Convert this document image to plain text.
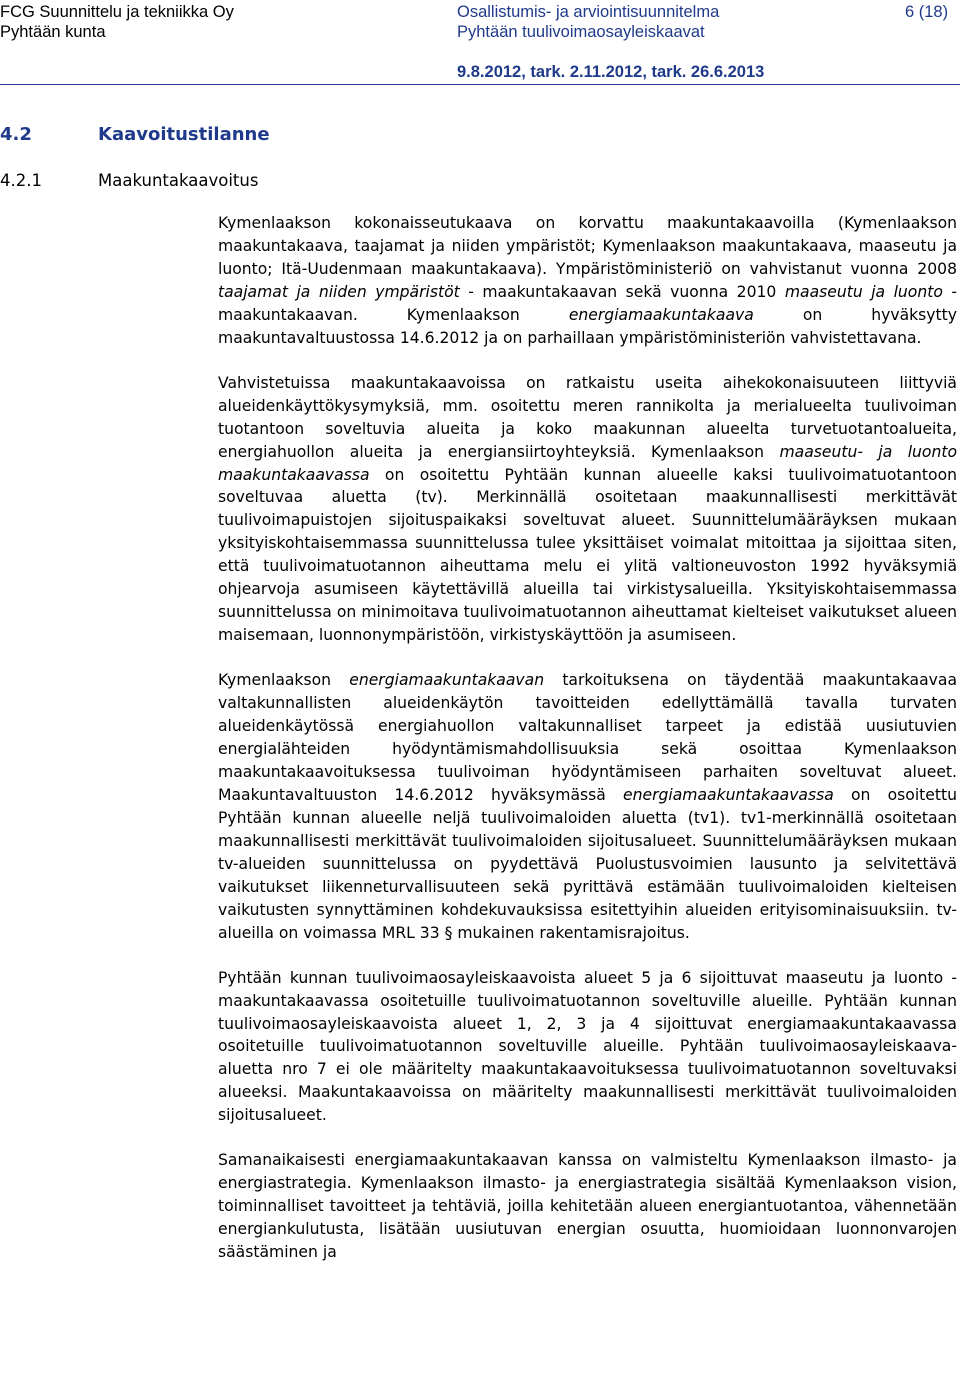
FCG Suunnittelu ja tekniikka Oy
Pyhtään kunta
Osallistumis- ja arviointisuunnitelma
Pyhtään tuulivoimaosayleiskaavat
6 (18)
9.8.2012, tark. 2.11.2012, tark. 26.6.2013
4.2	Kaavoitustilanne
4.2.1	Maakuntakaavoitus

Kymenlaakson kokonaisseutukaava on korvattu maakuntakaavoilla (Kymenlaakson maakuntakaava, taajamat ja niiden ympäristöt; Kymenlaakson maakuntakaava, maaseutu ja luonto; Itä-Uudenmaan maakuntakaava). Ympäristöministeriö on vahvistanut vuonna 2008 taajamat ja niiden ympäristöt - maakuntakaavan sekä vuonna 2010 maaseutu ja luonto -maakuntakaavan. Kymenlaakson energiamaakuntakaava on hyväksytty maakuntavaltuustossa 14.6.2012 ja on parhaillaan ympäristöministeriön vahvistettavana.

Vahvistetuissa maakuntakaavoissa on ratkaistu useita aihekokonaisuuteen liittyviä alueidenkäyttökysymyksiä, mm. osoitettu meren rannikolta ja merialueelta tuulivoiman tuotantoon soveltuvia alueita ja koko maakunnan alueelta turvetuotantoalueita, energiahuollon alueita ja energiansiirtoyhteyksiä. Kymenlaakson maaseutu- ja luonto maakuntakaavassa on osoitettu Pyhtään kunnan alueelle kaksi tuulivoimatuotantoon soveltuvaa aluetta (tv). Merkinnällä osoitetaan maakunnallisesti merkittävät tuulivoimapuistojen sijoituspaikaksi soveltuvat alueet. Suunnittelumääräyksen mukaan yksityiskohtaisemmassa suunnittelussa tulee yksittäiset voimalat mitoittaa ja sijoittaa siten, että tuulivoimatuotannon aiheuttama melu ei ylitä valtioneuvoston 1992 hyväksymiä ohjearvoja asumiseen käytettävillä alueilla tai virkistysalueilla. Yksityiskohtaisemmassa suunnittelussa on minimoitava tuulivoimatuotannon aiheuttamat kielteiset vaikutukset alueen maisemaan, luonnonympäristöön, virkistyskäyttöön ja asumiseen.

Kymenlaakson energiamaakuntakaavan tarkoituksena on täydentää maakuntakaavaa valtakunnallisten alueidenkäytön tavoitteiden edellyttämällä tavalla turvaten alueidenkäytössä energiahuollon valtakunnalliset tarpeet ja edistää uusiutuvien energialähteiden hyödyntämismahdollisuuksia sekä osoittaa Kymenlaakson maakuntakaavoituksessa tuulivoiman hyödyntämiseen parhaiten soveltuvat alueet. Maakuntavaltuuston 14.6.2012 hyväksymässä energiamaakuntakaavassa on osoitettu Pyhtään kunnan alueelle neljä tuulivoimaloiden aluetta (tv1). tv1-merkinnällä osoitetaan maakunnallisesti merkittävät tuulivoimaloiden sijoitusalueet. Suunnittelumääräyksen mukaan tv-alueiden suunnittelussa on pyydettävä Puolustusvoimien lausunto ja selvitettävä vaikutukset liikenneturvallisuuteen sekä pyrittävä estämään tuulivoimaloiden kielteisen vaikutusten synnyttäminen kohdekuvauksissa esitettyihin alueiden erityisominaisuuksiin. tv-alueilla on voimassa MRL 33 § mukainen rakentamisrajoitus.

Pyhtään kunnan tuulivoimaosayleiskaavoista alueet 5 ja 6 sijoittuvat maaseutu ja luonto -maakuntakaavassa osoitetuille tuulivoimatuotannon soveltuville alueille. Pyhtään kunnan tuulivoimaosayleiskaavoista alueet 1, 2, 3 ja 4 sijoittuvat energiamaakuntakaavassa osoitetuille tuulivoimatuotannon soveltuville alueille. Pyhtään tuulivoimaosayleiskaava-aluetta nro 7 ei ole määritelty maakuntakaavoituksessa tuulivoimatuotannon soveltuvaksi alueeksi. Maakuntakaavoissa on määritelty maakunnallisesti merkittävät tuulivoimaloiden sijoitusalueet.

Samanaikaisesti energiamaakuntakaavan kanssa on valmisteltu Kymenlaakson ilmasto- ja energiastrategia. Kymenlaakson ilmasto- ja energiastrategia sisältää Kymenlaakson vision, toiminnalliset tavoitteet ja tehtäviä, joilla kehitetään alueen energiantuotantoa, vähennetään energiankulutusta, lisätään uusiutuvan energian osuutta, huomioidaan luonnonvarojen säästäminen ja
